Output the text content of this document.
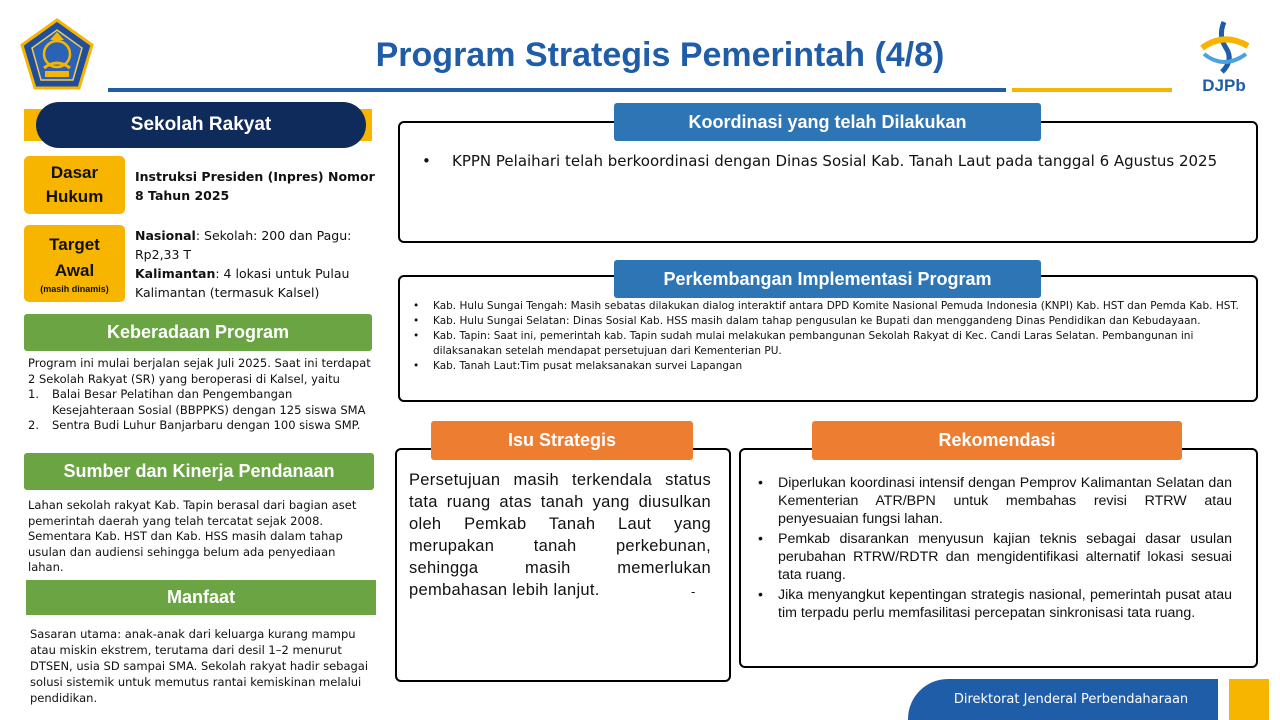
Program Strategis Pemerintah (4/8)
DJPb
Sekolah Rakyat
Dasar
Hukum
Instruksi Presiden (Inpres) Nomor 8 Tahun 2025
Target
Awal
(masih dinamis)
Nasional: Sekolah: 200 dan Pagu: Rp2,33 T
Kalimantan: 4 lokasi untuk Pulau Kalimantan (termasuk Kalsel)
Keberadaan Program
Program ini mulai berjalan sejak Juli 2025. Saat ini terdapat 2 Sekolah Rakyat (SR) yang beroperasi di Kalsel, yaitu
1. Balai Besar Pelatihan dan Pengembangan Kesejahteraan Sosial (BBPPKS) dengan 125 siswa SMA
2. Sentra Budi Luhur Banjarbaru dengan 100 siswa SMP.
Sumber dan Kinerja Pendanaan
Lahan sekolah rakyat Kab. Tapin berasal dari bagian aset pemerintah daerah yang telah tercatat sejak 2008. Sementara Kab. HST dan Kab. HSS masih dalam tahap usulan dan audiensi sehingga belum ada penyediaan lahan.
Manfaat
Sasaran utama: anak-anak dari keluarga kurang mampu atau miskin ekstrem, terutama dari desil 1–2 menurut DTSEN, usia SD sampai SMA. Sekolah rakyat hadir sebagai solusi sistemik untuk memutus rantai kemiskinan melalui pendidikan.
Koordinasi yang telah Dilakukan
• KPPN Pelaihari telah berkoordinasi dengan Dinas Sosial Kab. Tanah Laut pada tanggal 6 Agustus 2025
Perkembangan Implementasi Program
• Kab. Hulu Sungai Tengah: Masih sebatas dilakukan dialog interaktif antara DPD Komite Nasional Pemuda Indonesia (KNPI) Kab. HST dan Pemda Kab. HST.
• Kab. Hulu Sungai Selatan: Dinas Sosial Kab. HSS masih dalam tahap pengusulan ke Bupati dan menggandeng Dinas Pendidikan dan Kebudayaan.
• Kab. Tapin: Saat ini, pemerintah kab. Tapin sudah mulai melakukan pembangunan Sekolah Rakyat di Kec. Candi Laras Selatan. Pembangunan ini dilaksanakan setelah mendapat persetujuan dari Kementerian PU.
• Kab. Tanah Laut:Tim pusat melaksanakan survei Lapangan
Isu Strategis
Persetujuan masih terkendala status tata ruang atas tanah yang diusulkan oleh Pemkab Tanah Laut yang merupakan tanah perkebunan, sehingga masih memerlukan pembahasan lebih lanjut.	-
Rekomendasi
• Diperlukan koordinasi intensif dengan Pemprov Kalimantan Selatan dan Kementerian ATR/BPN untuk membahas revisi RTRW atau penyesuaian fungsi lahan.
• Pemkab disarankan menyusun kajian teknis sebagai dasar usulan perubahan RTRW/RDTR dan mengidentifikasi alternatif lokasi sesuai tata ruang.
• Jika menyangkut kepentingan strategis nasional, pemerintah pusat atau tim terpadu perlu memfasilitasi percepatan sinkronisasi tata ruang.
Direktorat Jenderal Perbendaharaan
